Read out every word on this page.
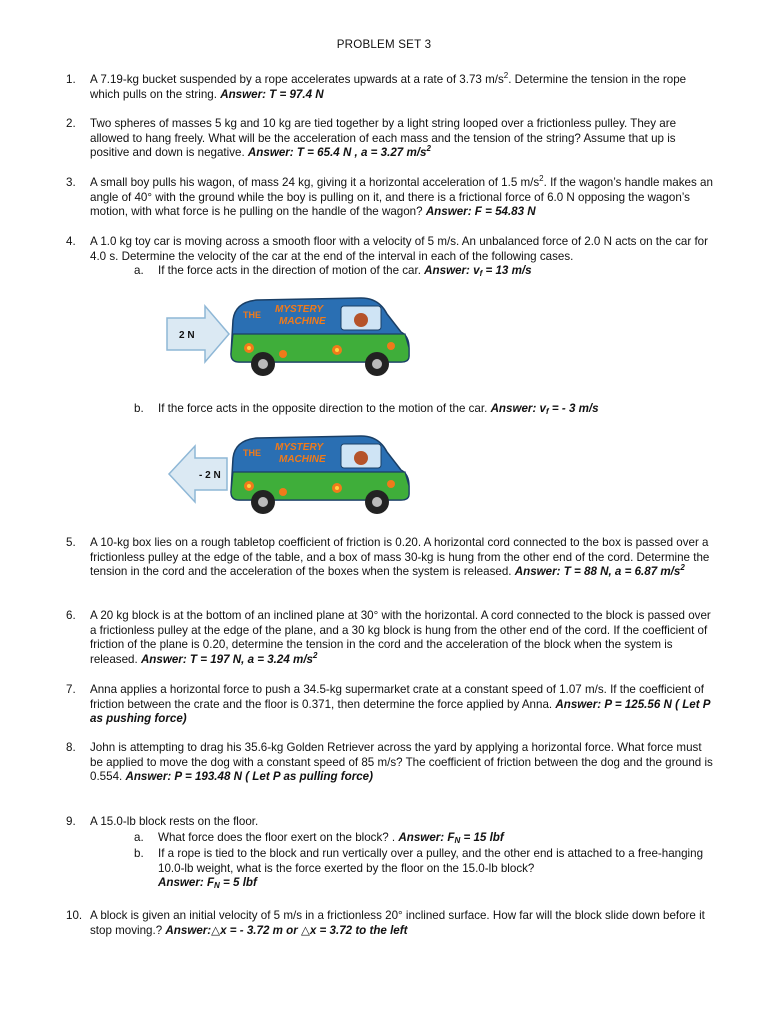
PROBLEM SET 3
1. A 7.19-kg bucket suspended by a rope accelerates upwards at a rate of 3.73 $m/s^2$. Determine the tension in the rope which pulls on the string. Answer: T = 97.4 N
2. Two spheres of masses 5 kg and 10 kg are tied together by a light string looped over a frictionless pulley. They are allowed to hang freely. What will be the acceleration of each mass and the tension of the string? Assume that up is positive and down is negative. Answer: T = 65.4 N , a = 3.27 $m/s^2$
3. A small boy pulls his wagon, of mass 24 kg, giving it a horizontal acceleration of 1.5 $m/s^2$. If the wagon’s handle makes an angle of 40° with the ground while the boy is pulling on it, and there is a frictional force of 6.0 N opposing the wagon’s motion, with what force is he pulling on the handle of the wagon? Answer: F = 54.83 N
4. A 1.0 kg toy car is moving across a smooth floor with a velocity of 5 m/s. An unbalanced force of 2.0 N acts on the car for 4.0 s. Determine the velocity of the car at the end of the interval in each of the following cases.
a. If the force acts in the direction of motion of the car. Answer: $v_f = 13$ m/s
2 N
THE MYSTERY
MACHINE
b. If the force acts in the opposite direction to the motion of the car. Answer: $v_f$ = - 3 m/s
- 2 N
THE MYSTERY
MACHINE
5. A 10-kg box lies on a rough tabletop coefficient of friction is 0.20. A horizontal cord connected to the box is passed over a frictionless pulley at the edge of the table, and a box of mass 30-kg is hung from the other end of the cord. Determine the tension in the cord and the acceleration of the boxes when the system is released. Answer: T = 88 N, a = 6.87 $m/s^2$
6. A 20 kg block is at the bottom of an inclined plane at 30° with the horizontal. A cord connected to the block is passed over a frictionless pulley at the edge of the plane, and a 30 kg block is hung from the other end of the cord. If the coefficient of friction of the plane is 0.20, determine the tension in the cord and the acceleration of the block when the system is released. Answer: T = 197 N, a = 3.24 $m/s^2$
7. Anna applies a horizontal force to push a 34.5-kg supermarket crate at a constant speed of 1.07 m/s. If the coefficient of friction between the crate and the floor is 0.371, then determine the force applied by Anna. Answer: P = 125.56 N ( Let P as pushing force)
8. John is attempting to drag his 35.6-kg Golden Retriever across the yard by applying a horizontal force. What force must be applied to move the dog with a constant speed of 85 m/s? The coefficient of friction between the dog and the ground is 0.554. Answer: P = 193.48 N ( Let P as pulling force)
9. A 15.0-lb block rests on the floor.
a. What force does the floor exert on the block? . Answer: $F_N = 15$ lbf
b. If a rope is tied to the block and run vertically over a pulley, and the other end is attached to a free-hanging 10.0-lb weight, what is the force exerted by the floor on the 15.0-lb block?
Answer: $F_N = 5$ lbf
10. A block is given an initial velocity of 5 m/s in a frictionless 20° inclined surface. How far will the block slide down before it stop moving.? Answer:△x = - 3.72 m or △x = 3.72 to the left
